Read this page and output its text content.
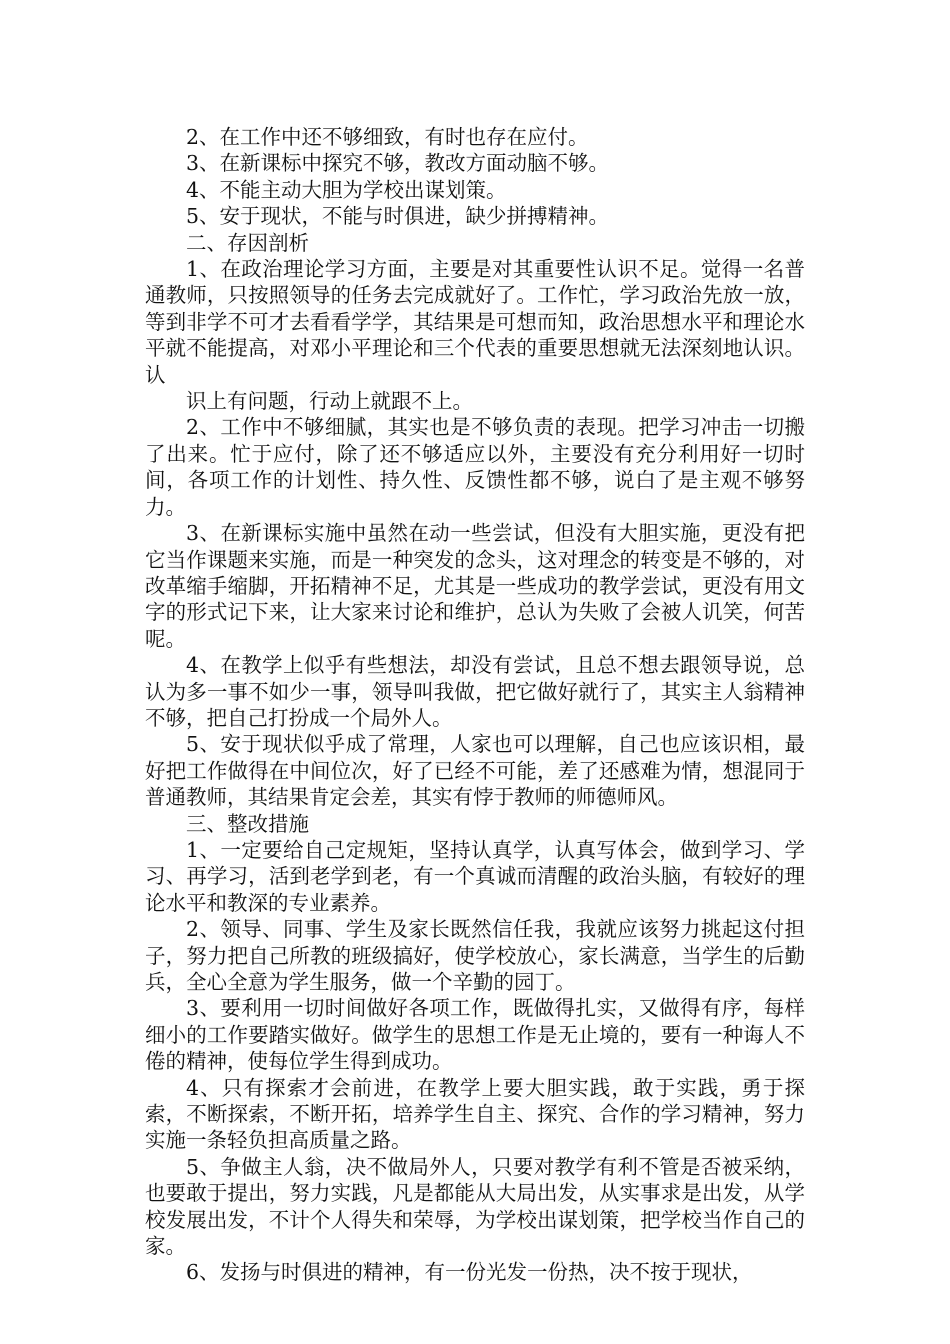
2、在工作中还不够细致，有时也存在应付。

3、在新课标中探究不够，教改方面动脑不够。

4、不能主动大胆为学校出谋划策。

5、安于现状，不能与时俱进，缺少拼搏精神。

二、存因剖析

1、在政治理论学习方面，主要是对其重要性认识不足。觉得一名普通教师，只按照领导的任务去完成就好了。工作忙，学习政治先放一放，等到非学不可才去看看学学，其结果是可想而知，政治思想水平和理论水平就不能提高，对邓小平理论和三个代表的重要思想就无法深刻地认识。认

识上有问题，行动上就跟不上。

2、工作中不够细腻，其实也是不够负责的表现。把学习冲击一切搬了出来。忙于应付，除了还不够适应以外，主要没有充分利用好一切时间，各项工作的计划性、持久性、反馈性都不够，说白了是主观不够努力。

3、在新课标实施中虽然在动一些尝试，但没有大胆实施，更没有把它当作课题来实施，而是一种突发的念头，这对理念的转变是不够的，对改革缩手缩脚，开拓精神不足，尤其是一些成功的教学尝试，更没有用文字的形式记下来，让大家来讨论和维护，总认为失败了会被人讥笑，何苦呢。

4、在教学上似乎有些想法，却没有尝试，且总不想去跟领导说，总认为多一事不如少一事，领导叫我做，把它做好就行了，其实主人翁精神不够，把自己打扮成一个局外人。

5、安于现状似乎成了常理，人家也可以理解，自己也应该识相，最好把工作做得在中间位次，好了已经不可能，差了还感难为情，想混同于普通教师，其结果肯定会差，其实有悖于教师的师德师风。

三、整改措施

1、一定要给自己定规矩，坚持认真学，认真写体会，做到学习、学习、再学习，活到老学到老，有一个真诚而清醒的政治头脑，有较好的理论水平和教深的专业素养。

2、领导、同事、学生及家长既然信任我，我就应该努力挑起这付担子，努力把自己所教的班级搞好，使学校放心，家长满意，当学生的后勤兵，全心全意为学生服务，做一个辛勤的园丁。

3、要利用一切时间做好各项工作，既做得扎实，又做得有序，每样细小的工作要踏实做好。做学生的思想工作是无止境的，要有一种诲人不倦的精神，使每位学生得到成功。

4、只有探索才会前进，在教学上要大胆实践，敢于实践，勇于探索，不断探索，不断开拓，培养学生自主、探究、合作的学习精神，努力实施一条轻负担高质量之路。

5、争做主人翁，决不做局外人，只要对教学有利不管是否被采纳，也要敢于提出，努力实践，凡是都能从大局出发，从实事求是出发，从学校发展出发，不计个人得失和荣辱，为学校出谋划策，把学校当作自己的家。

6、发扬与时俱进的精神，有一份光发一份热，决不按于现状，
